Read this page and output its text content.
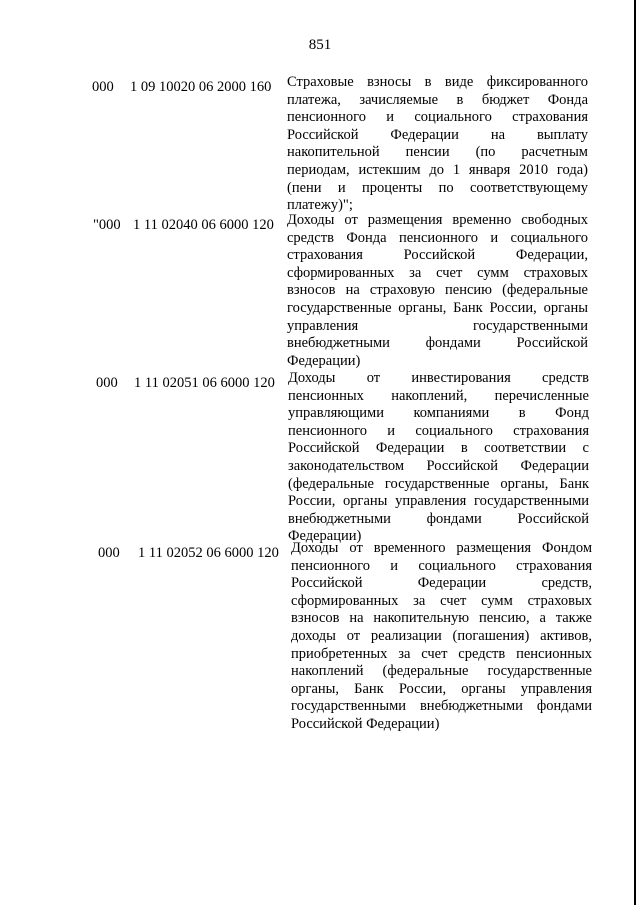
851
000 1 09 10020 06 2000 160 Страховые взносы в виде фиксированного
платежа, зачисляемые в бюджет Фонда
пенсионного и социального страхования
Российской Федерации на выплату
накопительной пенсии (по расчетным
периодам, истекшим до 1 января 2010 года)
(пени и проценты по соответствующему
платежу)";
"000 1 11 02040 06 6000 120 Доходы от размещения временно свободных
средств Фонда пенсионного и социального
страхования Российской Федерации,
сформированных за счет сумм страховых
взносов на страховую пенсию (федеральные
государственные органы, Банк России, органы
управления государственными
внебюджетными фондами Российской
Федерации)
000 1 11 02051 06 6000 120 Доходы от инвестирования средств
пенсионных накоплений, перечисленные
управляющими компаниями в Фонд
пенсионного и социального страхования
Российской Федерации в соответствии с
законодательством Российской Федерации
(федеральные государственные органы, Банк
России, органы управления государственными
внебюджетными фондами Российской
Федерации)
000 1 11 02052 06 6000 120 Доходы от временного размещения Фондом
пенсионного и социального страхования
Российской Федерации средств,
сформированных за счет сумм страховых
взносов на накопительную пенсию, а также
доходы от реализации (погашения) активов,
приобретенных за счет средств пенсионных
накоплений (федеральные государственные
органы, Банк России, органы управления
государственными внебюджетными фондами
Российской Федерации)
